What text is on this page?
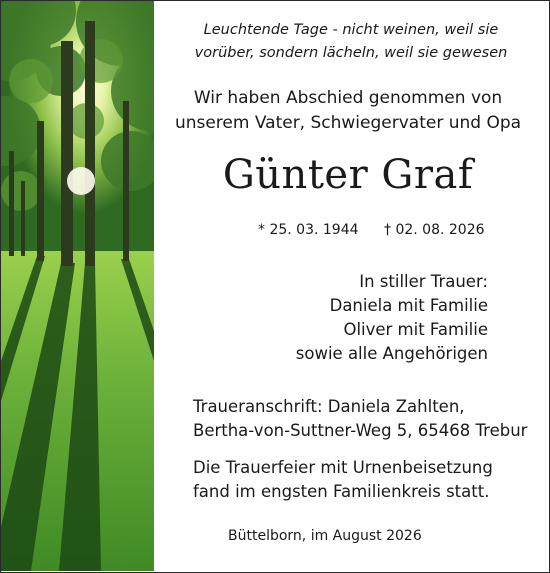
Leuchtende Tage - nicht weinen, weil sie
vorüber, sondern lächeln, weil sie gewesen
Wir haben Abschied genommen von
unserem Vater, Schwiegervater und Opa
Günter Graf
* 25. 03. 1944	† 02. 08. 2026
In stiller Trauer:
Daniela mit Familie
Oliver mit Familie
sowie alle Angehörigen
Traueranschrift: Daniela Zahlten,
Bertha-von-Suttner-Weg 5, 65468 Trebur
Die Trauerfeier mit Urnenbeisetzung
fand im engsten Familienkreis statt.
Büttelborn, im August 2026
